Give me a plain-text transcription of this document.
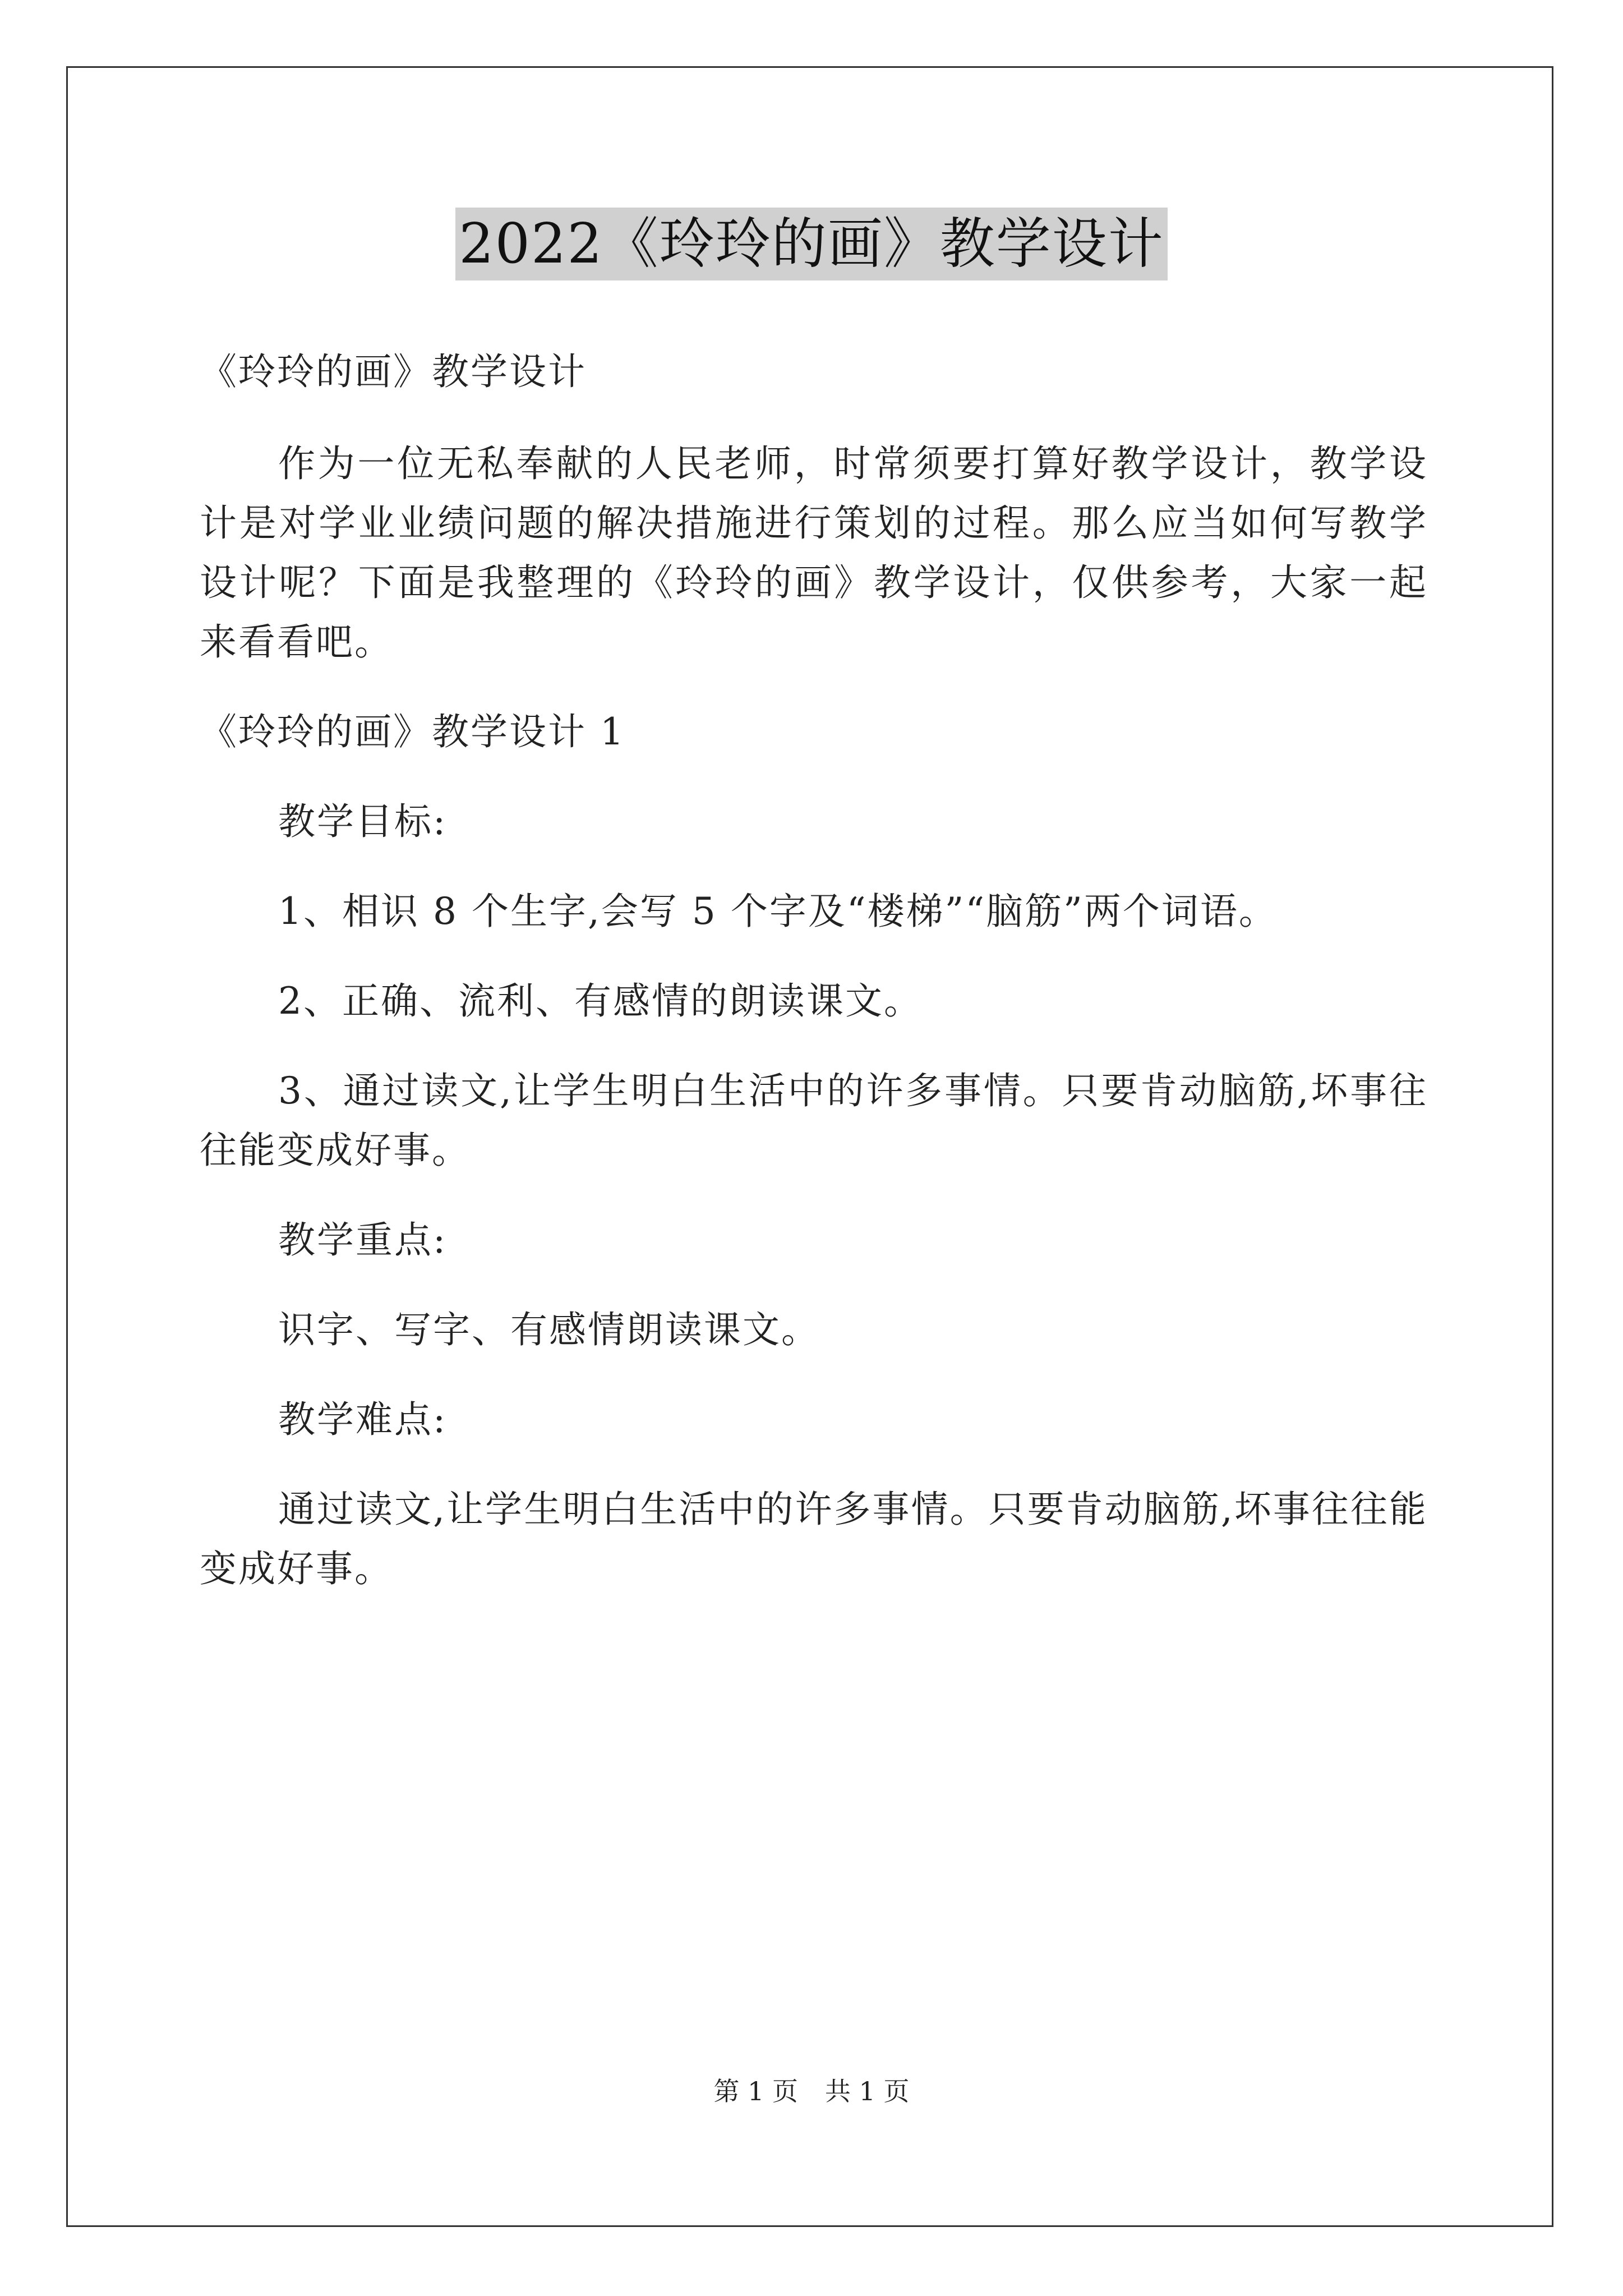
2022《玲玲的画》教学设计

《玲玲的画》教学设计

作为一位无私奉献的人民老师，时常须要打算好教学设计，教学设计是对学业业绩问题的解决措施进行策划的过程。那么应当如何写教学设计呢？下面是我整理的《玲玲的画》教学设计，仅供参考，大家一起来看看吧。

《玲玲的画》教学设计 1

教学目标:

1、相识 8 个生字,会写 5 个字及“楼梯”“脑筋”两个词语。

2、正确、流利、有感情的朗读课文。

3、通过读文,让学生明白生活中的许多事情。只要肯动脑筋,坏事往往能变成好事。

教学重点:

识字、写字、有感情朗读课文。

教学难点:

通过读文,让学生明白生活中的许多事情。只要肯动脑筋,坏事往往能变成好事。

第 1 页 共 1 页
